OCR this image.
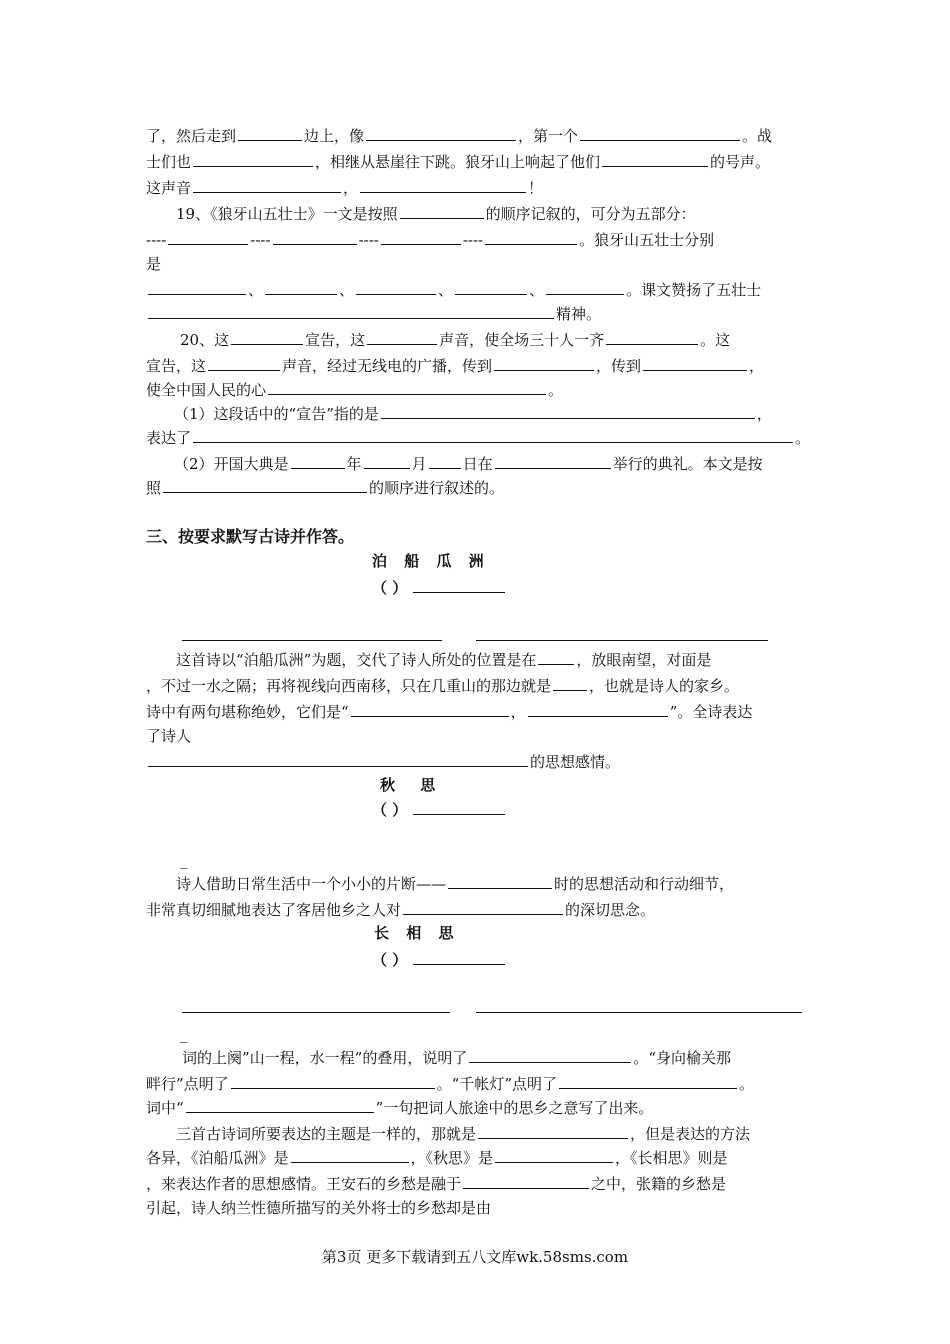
了，然后走到	边上，像	，第一个	。战
士们也	，相继从悬崖往下跳。狼牙山上响起了他们	的号声。
这声音	，	！
19、《狼牙山五壮士》一文是按照	的顺序记叙的，可分为五部分：
----	----	----	----	。狼牙山五壮士分别
是
、	、	、	、	。课文赞扬了五壮士
精神。
20、这	宣告，这	声音，使全场三十人一齐	。这
宣告，这	声音，经过无线电的广播，传到	，传到	，
使全中国人民的心	。
（1）这段话中的“宣告”指的是	，
表达了	。
（2）开国大典是	年	月 日在	举行的典礼。本文是按
照	的顺序进行叙述的。
三、按要求默写古诗并作答。
泊 船 瓜 洲
（ ）
这首诗以“泊船瓜洲”为题，交代了诗人所处的位置是在	，放眼南望，对面是
，不过一水之隔；再将视线向西南移，只在几重山的那边就是	，也就是诗人的家乡。
诗中有两句堪称绝妙，它们是“	，	”。全诗表达
了诗人
的思想感情。
秋 思
（ ）
_
诗人借助日常生活中一个小小的片断——	时的思想活动和行动细节，
非常真切细腻地表达了客居他乡之人对	的深切思念。
长 相 思
（ ）
_
词的上阕”山一程，水一程”的叠用，说明了	。“身向榆关那
畔行”点明了	。“千帐灯”点明了	。
词中“	”一句把词人旅途中的思乡之意写了出来。
三首古诗词所要表达的主题是一样的，那就是	，但是表达的方法
各异，《泊船瓜洲》是	，《秋思》是	，《长相思》则是
，来表达作者的思想感情。王安石的乡愁是融于	之中，张籍的乡愁是
引起，诗人纳兰性德所描写的关外将士的乡愁却是由
第3页 更多下载请到五八文库wk.58sms.com
